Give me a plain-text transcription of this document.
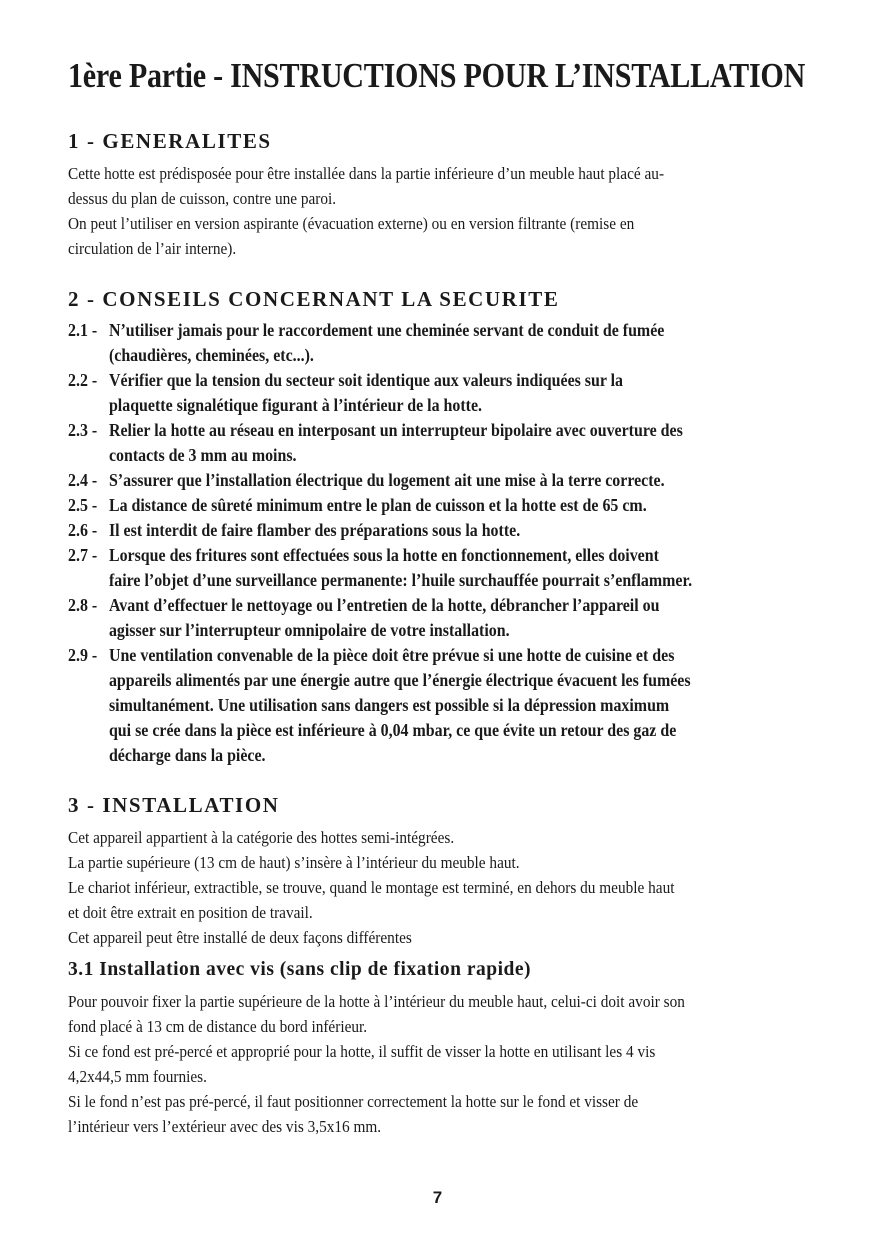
1ère Partie - INSTRUCTIONS POUR L’INSTALLATION
1 - GENERALITES

Cette hotte est prédisposée pour être installée dans la partie inférieure d’un meuble haut placé au-
dessus du plan de cuisson, contre une paroi.
On peut l’utiliser en version aspirante (évacuation externe) ou en version filtrante (remise en
circulation de l’air interne).

2 - CONSEILS CONCERNANT LA SECURITE
2.1 - N’utiliser jamais pour le raccordement une cheminée servant de conduit de fumée
(chaudières, cheminées, etc...).
2.2 - Vérifier que la tension du secteur soit identique aux valeurs indiquées sur la
plaquette signalétique figurant à l’intérieur de la hotte.
2.3 - Relier la hotte au réseau en interposant un interrupteur bipolaire avec ouverture des
contacts de 3 mm au moins.
2.4 - S’assurer que l’installation électrique du logement ait une mise à la terre correcte.
2.5 - La distance de sûreté minimum entre le plan de cuisson et la hotte est de 65 cm.
2.6 - Il est interdit de faire flamber des préparations sous la hotte.
2.7 - Lorsque des fritures sont effectuées sous la hotte en fonctionnement, elles doivent
faire l’objet d’une surveillance permanente: l’huile surchauffée pourrait s’enflammer.
2.8 - Avant d’effectuer le nettoyage ou l’entretien de la hotte, débrancher l’appareil ou
agisser sur l’interrupteur omnipolaire de votre installation.
2.9 - Une ventilation convenable de la pièce doit être prévue si une hotte de cuisine et des
appareils alimentés par une énergie autre que l’énergie électrique évacuent les fumées
simultanément. Une utilisation sans dangers est possible si la dépression maximum
qui se crée dans la pièce est inférieure à 0,04 mbar, ce que évite un retour des gaz de
décharge dans la pièce.
3 - INSTALLATION

Cet appareil appartient à la catégorie des hottes semi-intégrées.
La partie supérieure (13 cm de haut) s’insère à l’intérieur du meuble haut.
Le chariot inférieur, extractible, se trouve, quand le montage est terminé, en dehors du meuble haut
et doit être extrait en position de travail.
Cet appareil peut être installé de deux façons différentes

3.1 Installation avec vis (sans clip de fixation rapide)

Pour pouvoir fixer la partie supérieure de la hotte à l’intérieur du meuble haut, celui-ci doit avoir son
fond placé à 13 cm de distance du bord inférieur.
Si ce fond est pré-percé et approprié pour la hotte, il suffit de visser la hotte en utilisant les 4 vis
4,2x44,5 mm fournies.
Si le fond n’est pas pré-percé, il faut positionner correctement la hotte sur le fond et visser de
l’intérieur vers l’extérieur avec des vis 3,5x16 mm.

7
